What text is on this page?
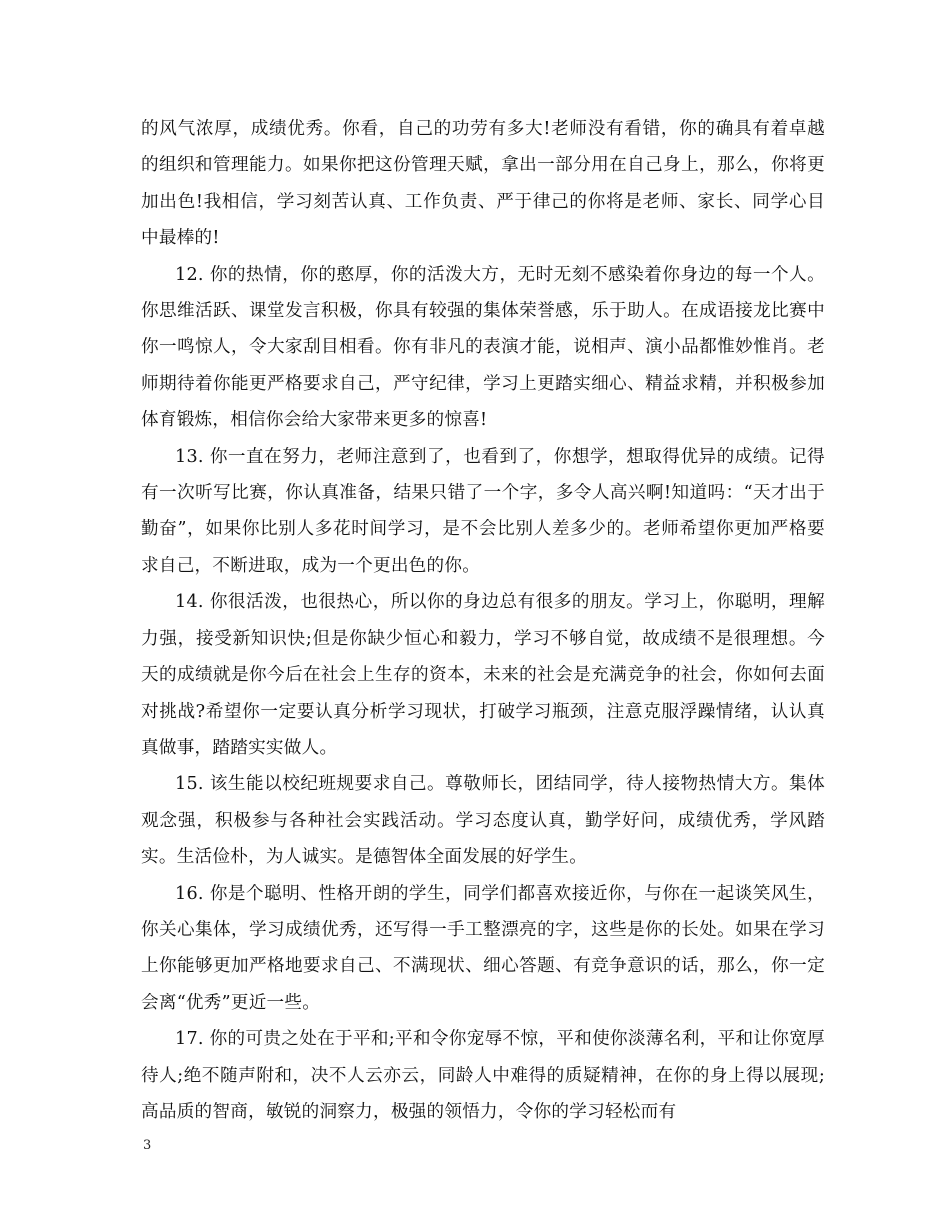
的风气浓厚，成绩优秀。你看，自己的功劳有多大!老师没有看错，你的确具有着卓越的组织和管理能力。如果你把这份管理天赋，拿出一部分用在自己身上，那么，你将更加出色!我相信，学习刻苦认真、工作负责、严于律己的你将是老师、家长、同学心目中最棒的!

12. 你的热情，你的憨厚，你的活泼大方，无时无刻不感染着你身边的每一个人。你思维活跃、课堂发言积极，你具有较强的集体荣誉感，乐于助人。在成语接龙比赛中你一鸣惊人，令大家刮目相看。你有非凡的表演才能，说相声、演小品都惟妙惟肖。老师期待着你能更严格要求自己，严守纪律，学习上更踏实细心、精益求精，并积极参加体育锻炼，相信你会给大家带来更多的惊喜!

13. 你一直在努力，老师注意到了，也看到了，你想学，想取得优异的成绩。记得有一次听写比赛，你认真准备，结果只错了一个字，多令人高兴啊!知道吗：“天才出于勤奋”，如果你比别人多花时间学习，是不会比别人差多少的。老师希望你更加严格要求自己，不断进取，成为一个更出色的你。

14. 你很活泼，也很热心，所以你的身边总有很多的朋友。学习上，你聪明，理解力强，接受新知识快;但是你缺少恒心和毅力，学习不够自觉，故成绩不是很理想。今天的成绩就是你今后在社会上生存的资本，未来的社会是充满竞争的社会，你如何去面对挑战?希望你一定要认真分析学习现状，打破学习瓶颈，注意克服浮躁情绪，认认真真做事，踏踏实实做人。

15. 该生能以校纪班规要求自己。尊敬师长，团结同学，待人接物热情大方。集体观念强，积极参与各种社会实践活动。学习态度认真，勤学好问，成绩优秀，学风踏实。生活俭朴，为人诚实。是德智体全面发展的好学生。

16. 你是个聪明、性格开朗的学生，同学们都喜欢接近你，与你在一起谈笑风生，你关心集体，学习成绩优秀，还写得一手工整漂亮的字，这些是你的长处。如果在学习上你能够更加严格地要求自己、不满现状、细心答题、有竞争意识的话，那么，你一定会离“优秀”更近一些。

17. 你的可贵之处在于平和;平和令你宠辱不惊，平和使你淡薄名利，平和让你宽厚待人;绝不随声附和，决不人云亦云，同龄人中难得的质疑精神，在你的身上得以展现;高品质的智商，敏锐的洞察力，极强的领悟力，令你的学习轻松而有

3
